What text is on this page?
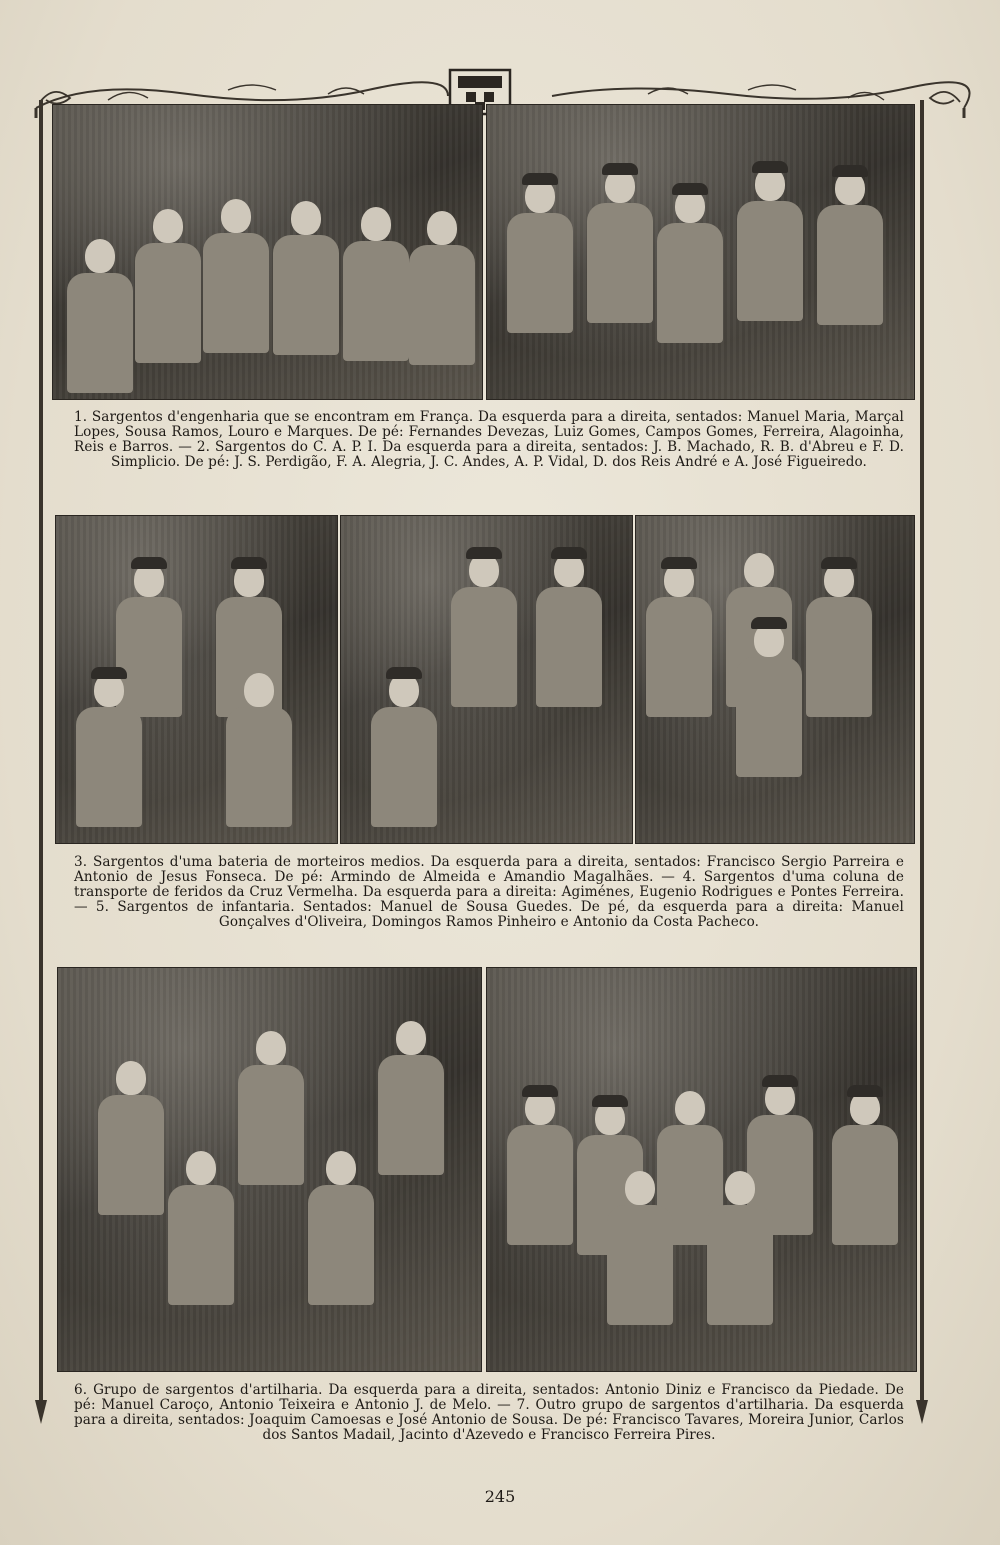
1. Sargentos d'engenharia que se encontram em França. Da esquerda para a direita, sentados: Manuel Maria, Marçal Lopes, Sousa Ramos, Louro e Marques. De pé: Fernandes Devezas, Luiz Gomes, Campos Gomes, Ferreira, Alagoinha, Reis e Barros. — 2. Sargentos do C. A. P. I. Da esquerda para a direita, sentados: J. B. Machado, R. B. d'Abreu e F. D. Simplicio. De pé: J. S. Perdigão, F. A. Alegria, J. C. Andes, A. P. Vidal, D. dos Reis André e A. José Figueiredo.
3. Sargentos d'uma bateria de morteiros medios. Da esquerda para a direita, sentados: Francisco Sergio Parreira e Antonio de Jesus Fonseca. De pé: Armindo de Almeida e Amandio Magalhães. — 4. Sargentos d'uma coluna de transporte de feridos da Cruz Vermelha. Da esquerda para a direita: Agiménes, Eugenio Rodrigues e Pontes Ferreira. — 5. Sargentos de infantaria. Sentados: Manuel de Sousa Guedes. De pé, da esquerda para a direita: Manuel Gonçalves d'Oliveira, Domingos Ramos Pinheiro e Antonio da Costa Pacheco.
6. Grupo de sargentos d'artilharia. Da esquerda para a direita, sentados: Antonio Diniz e Francisco da Piedade. De pé: Manuel Caroço, Antonio Teixeira e Antonio J. de Melo. — 7. Outro grupo de sargentos d'artilharia. Da esquerda para a direita, sentados: Joaquim Camoesas e José Antonio de Sousa. De pé: Francisco Tavares, Moreira Junior, Carlos dos Santos Madail, Jacinto d'Azevedo e Francisco Ferreira Pires.
245
